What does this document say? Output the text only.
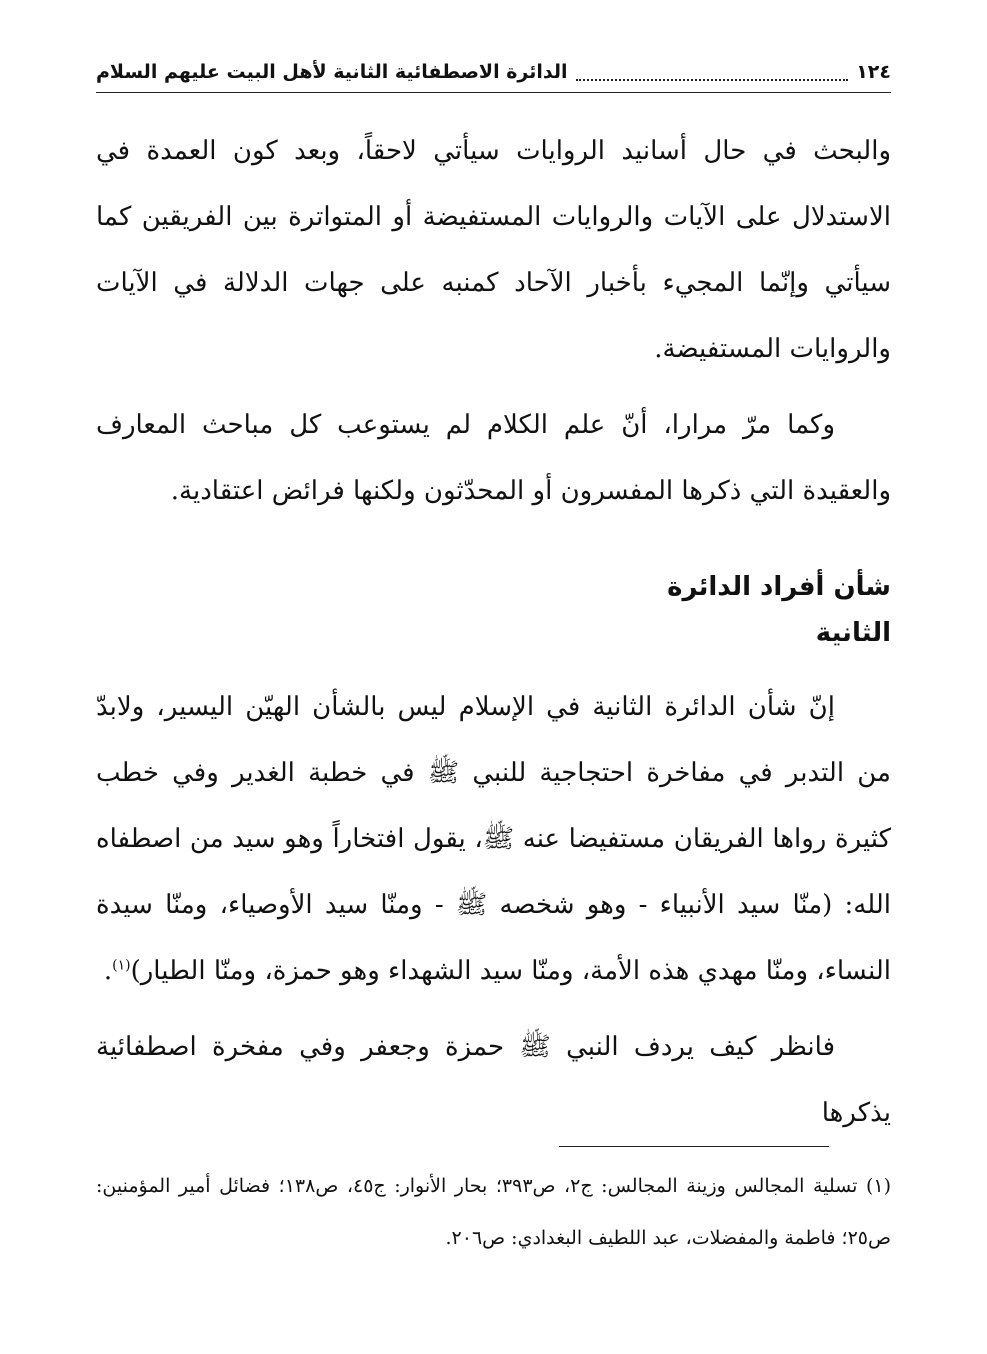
١٢٤
الدائرة الاصطفائية الثانية لأهل البيت عليهم السلام

والبحث في حال أسانيد الروايات سيأتي لاحقاً، وبعد كون العمدة في الاستدلال على الآيات والروايات المستفيضة أو المتواترة بين الفريقين كما سيأتي وإنّما المجيء بأخبار الآحاد كمنبه على جهات الدلالة في الآيات والروايات المستفيضة.

وكما مرّ مرارا، أنّ علم الكلام لم يستوعب كل مباحث المعارف والعقيدة التي ذكرها المفسرون أو المحدّثون ولكنها فرائض اعتقادية.

شأن أفراد الدائرة
الثانية

إنّ شأن الدائرة الثانية في الإسلام ليس بالشأن الهيّن اليسير، ولابدّ من التدبر في مفاخرة احتجاجية للنبي ﷺ في خطبة الغدير وفي خطب كثيرة رواها الفريقان مستفيضا عنه ﷺ، يقول افتخاراً وهو سيد من اصطفاه الله: (منّا سيد الأنبياء - وهو شخصه ﷺ - ومنّا سيد الأوصياء، ومنّا سيدة النساء، ومنّا مهدي هذه الأمة، ومنّا سيد الشهداء وهو حمزة، ومنّا الطيار)$^{(١)}$.

فانظر كيف يردف النبي ﷺ حمزة وجعفر وفي مفخرة اصطفائية يذكرها

(١) تسلية المجالس وزينة المجالس: ج٢، ص٣٩٣؛ بحار الأنوار: ج٤٥، ص١٣٨؛ فضائل أمير المؤمنين: ص٢٥؛ فاطمة والمفضلات، عبد اللطيف البغدادي: ص٢٠٦.
